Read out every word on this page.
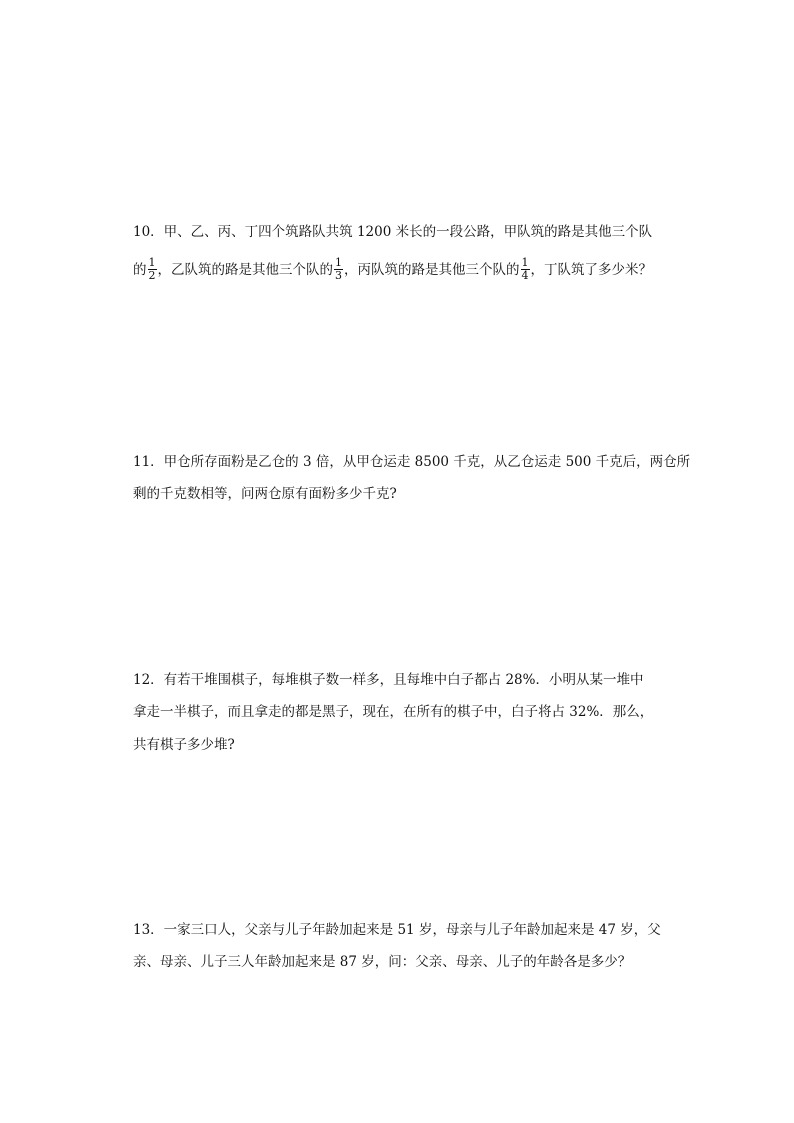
10．甲、乙、丙、丁四个筑路队共筑 1200 米长的一段公路，甲队筑的路是其他三个队
的 $\frac{1}{2}$ ，乙队筑的路是其他三个队的 $\frac{1}{3}$ ，丙队筑的路是其他三个队的 $\frac{1}{4}$ ，丁队筑了多少米？
11．甲仓所存面粉是乙仓的 3 倍，从甲仓运走 8500 千克，从乙仓运走 500 千克后，两仓所
剩的千克数相等，问两仓原有面粉多少千克?
12．有若干堆围棋子，每堆棋子数一样多，且每堆中白子都占 28%．小明从某一堆中
拿走一半棋子，而且拿走的都是黑子，现在，在所有的棋子中，白子将占 32%．那么，
共有棋子多少堆?
13．一家三口人，父亲与儿子年龄加起来是 51 岁，母亲与儿子年龄加起来是 47 岁，父
亲、母亲、儿子三人年龄加起来是 87 岁，问：父亲、母亲、儿子的年龄各是多少？
